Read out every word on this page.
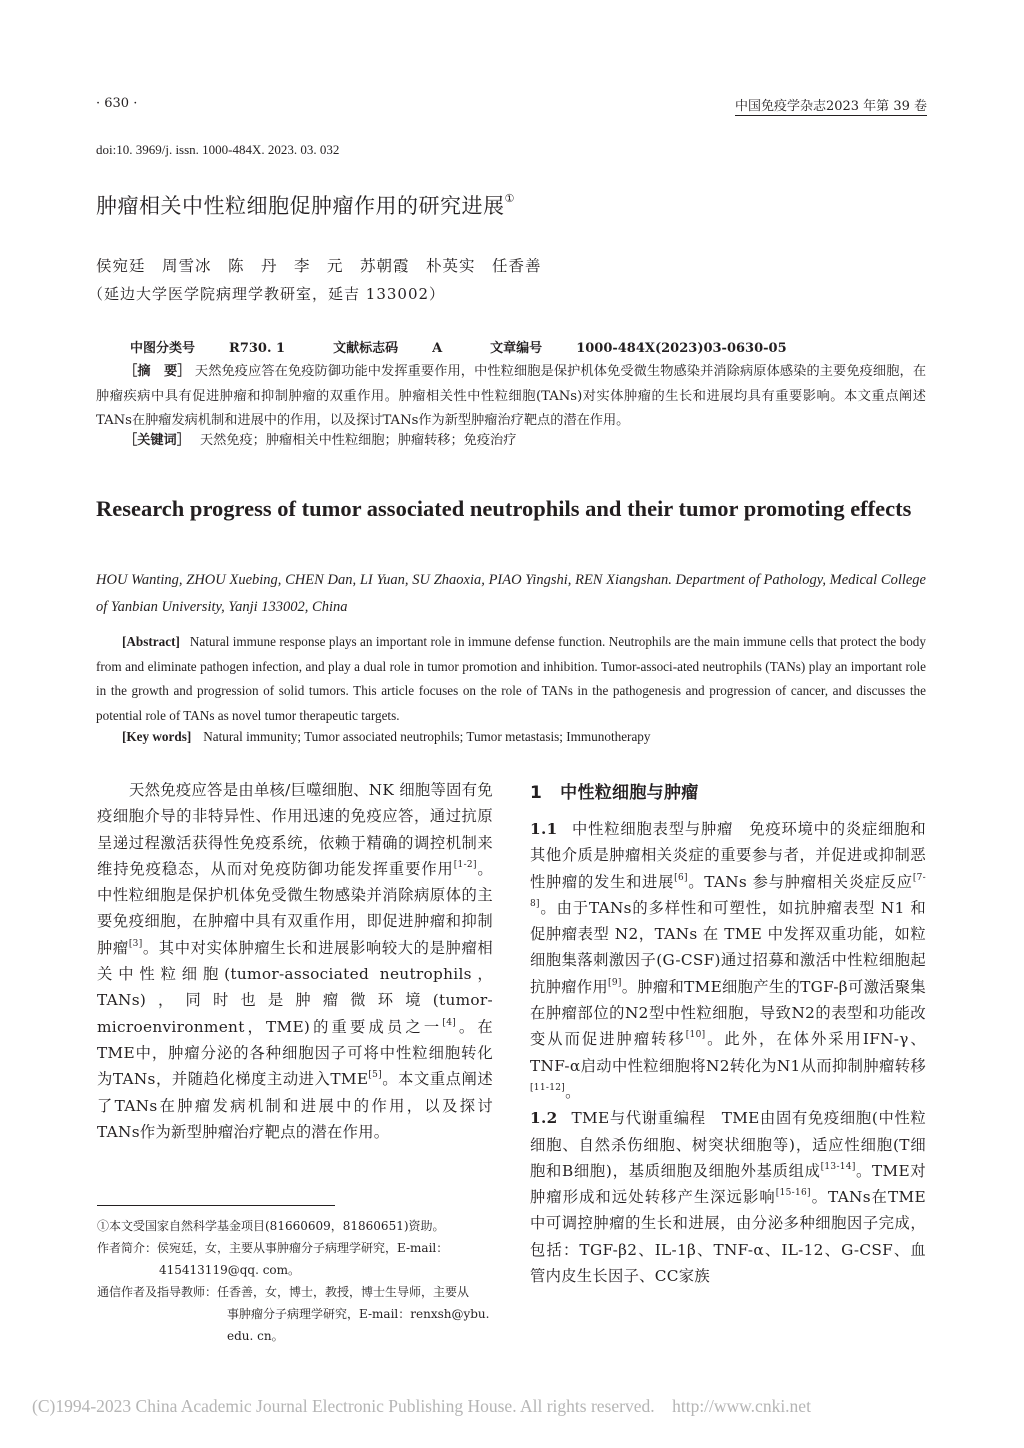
· 630 ·	中国免疫学杂志2023 年第 39 卷
doi:10. 3969/j. issn. 1000-484X. 2023. 03. 032
肿瘤相关中性粒细胞促肿瘤作用的研究进展①
侯宛廷　周雪冰　陈　丹　李　元　苏朝霞　朴英实　任香善
（延边大学医学院病理学教研室，延吉 133002）
中图分类号	R730. 1	文献标志码	A	文章编号	1000-484X(2023)03-0630-05
［摘　要］ 天然免疫应答在免疫防御功能中发挥重要作用，中性粒细胞是保护机体免受微生物感染并消除病原体感染的主要免疫细胞，在肿瘤疾病中具有促进肿瘤和抑制肿瘤的双重作用。肿瘤相关性中性粒细胞(TANs)对实体肿瘤的生长和进展均具有重要影响。本文重点阐述TANs在肿瘤发病机制和进展中的作用，以及探讨TANs作为新型肿瘤治疗靶点的潜在作用。
［关键词］ 天然免疫；肿瘤相关中性粒细胞；肿瘤转移；免疫治疗
Research progress of tumor associated neutrophils and their tumor promoting effects
HOU Wanting, ZHOU Xuebing, CHEN Dan, LI Yuan, SU Zhaoxia, PIAO Yingshi, REN Xiangshan. Department of Pathology, Medical College of Yanbian University, Yanji 133002, China
[Abstract] Natural immune response plays an important role in immune defense function. Neutrophils are the main immune cells that protect the body from and eliminate pathogen infection, and play a dual role in tumor promotion and inhibition. Tumor-associ-ated neutrophils (TANs) play an important role in the growth and progression of solid tumors. This article focuses on the role of TANs in the pathogenesis and progression of cancer, and discusses the potential role of TANs as novel tumor therapeutic targets.
[Key words] Natural immunity; Tumor associated neutrophils; Tumor metastasis; Immunotherapy
天然免疫应答是由单核/巨噬细胞、NK 细胞等固有免疫细胞介导的非特异性、作用迅速的免疫应答，通过抗原呈递过程激活获得性免疫系统，依赖于精确的调控机制来维持免疫稳态，从而对免疫防御功能发挥重要作用[1-2]。中性粒细胞是保护机体免受微生物感染并消除病原体的主要免疫细胞，在肿瘤中具有双重作用，即促进肿瘤和抑制肿瘤[3]。其中对实体肿瘤生长和进展影响较大的是肿瘤相关中性粒细胞(tumor-associated neutrophils，TANs)，同时也是肿瘤微环境(tumor-microenvironment，TME)的重要成员之一[4]。在TME中，肿瘤分泌的各种细胞因子可将中性粒细胞转化为TANs，并随趋化梯度主动进入TME[5]。本文重点阐述了TANs在肿瘤发病机制和进展中的作用，以及探讨TANs作为新型肿瘤治疗靶点的潜在作用。
①本文受国家自然科学基金项目(81660609，81860651)资助。
作者简介：侯宛廷，女，主要从事肿瘤分子病理学研究，E-mail：
415413119@qq. com。
通信作者及指导教师：任香善，女，博士，教授，博士生导师，主要从
事肿瘤分子病理学研究，E-mail：renxsh@ybu.
edu. cn。
1 中性粒细胞与肿瘤
1.1 中性粒细胞表型与肿瘤 免疫环境中的炎症细胞和其他介质是肿瘤相关炎症的重要参与者，并促进或抑制恶性肿瘤的发生和进展[6]。TANs 参与肿瘤相关炎症反应[7-8]。由于TANs的多样性和可塑性，如抗肿瘤表型 N1 和促肿瘤表型 N2，TANs 在 TME 中发挥双重功能，如粒细胞集落刺激因子(G-CSF)通过招募和激活中性粒细胞起抗肿瘤作用[9]。肿瘤和TME细胞产生的TGF-β可激活聚集在肿瘤部位的N2型中性粒细胞，导致N2的表型和功能改变从而促进肿瘤转移[10]。此外，在体外采用IFN-γ、TNF-α启动中性粒细胞将N2转化为N1从而抑制肿瘤转移[11-12]。
1.2 TME与代谢重编程 TME由固有免疫细胞(中性粒细胞、自然杀伤细胞、树突状细胞等)，适应性细胞(T细胞和B细胞)，基质细胞及细胞外基质组成[13-14]。TME对肿瘤形成和远处转移产生深远影响[15-16]。TANs在TME中可调控肿瘤的生长和进展，由分泌多种细胞因子完成，包括：TGF-β2、IL-1β、TNF-α、IL-12、G-CSF、血管内皮生长因子、CC家族
(C)1994-2023 China Academic Journal Electronic Publishing House. All rights reserved.    http://www.cnki.net
